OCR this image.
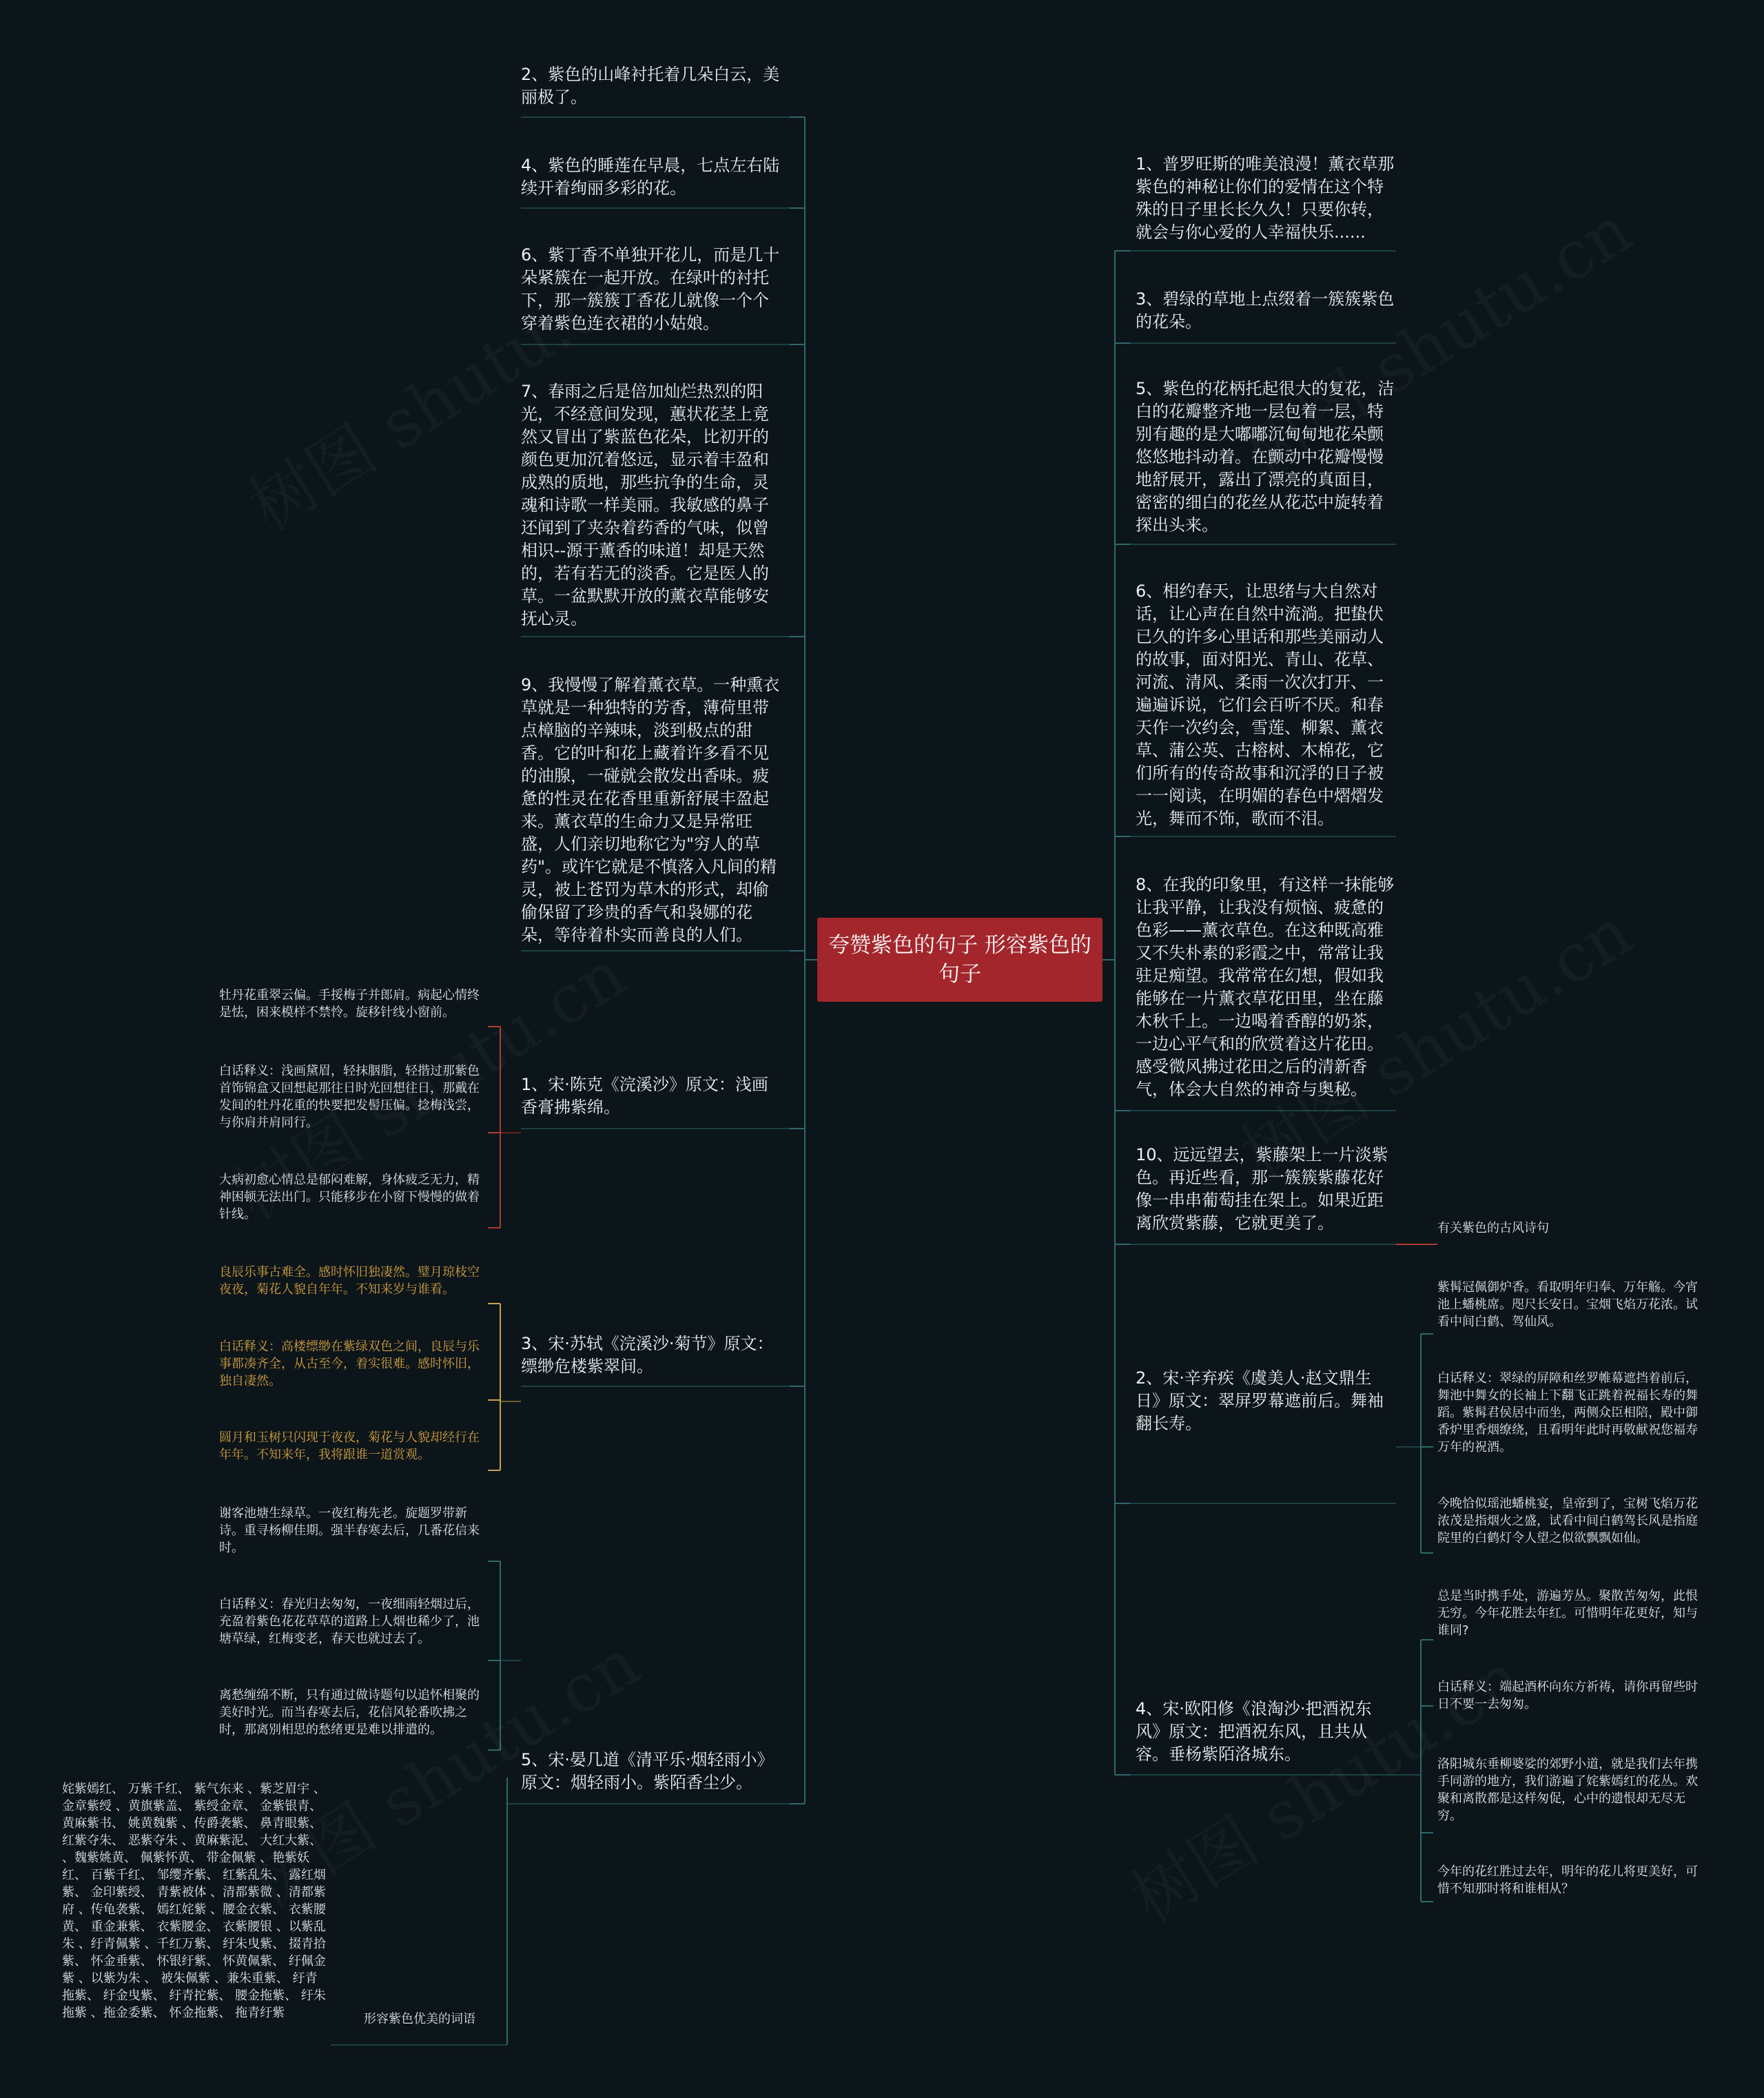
夸赞紫色的句子 形容紫色的句子
2、紫色的山峰衬托着几朵白云，美丽极了。
4、紫色的睡莲在早晨，七点左右陆续开着绚丽多彩的花。
6、紫丁香不单独开花儿，而是几十朵紧簇在一起开放。在绿叶的衬托下，那一簇簇丁香花儿就像一个个穿着紫色连衣裙的小姑娘。
7、春雨之后是倍加灿烂热烈的阳光，不经意间发现，蕙状花茎上竟然又冒出了紫蓝色花朵，比初开的颜色更加沉着悠远，显示着丰盈和成熟的质地，那些抗争的生命，灵魂和诗歌一样美丽。我敏感的鼻子还闻到了夹杂着药香的气味，似曾相识--源于薰香的味道！却是天然的，若有若无的淡香。它是医人的草。一盆默默开放的薰衣草能够安抚心灵。
9、我慢慢了解着薰衣草。一种熏衣草就是一种独特的芳香，薄荷里带点樟脑的辛辣味，淡到极点的甜香。它的叶和花上藏着许多看不见的油腺，一碰就会散发出香味。疲惫的性灵在花香里重新舒展丰盈起来。薰衣草的生命力又是异常旺盛，人们亲切地称它为"穷人的草药"。或许它就是不慎落入凡间的精灵，被上苍罚为草木的形式，却偷偷保留了珍贵的香气和袅娜的花朵，等待着朴实而善良的人们。
1、宋·陈克《浣溪沙》原文：浅画香膏拂紫绵。
3、宋·苏轼《浣溪沙·菊节》原文：缥缈危楼紫翠间。
5、宋·晏几道《清平乐·烟轻雨小》原文：烟轻雨小。紫陌香尘少。
形容紫色优美的词语
牡丹花重翠云偏。手挼梅子并郎肩。病起心情终是怯，困来模样不禁怜。旋移针线小窗前。
白话释义：浅画黛眉，轻抹胭脂，轻揩过那紫色首饰锦盒又回想起那往日时光回想往日，那戴在发间的牡丹花重的快要把发髻压偏。捻梅浅尝，与你肩并肩同行。
大病初愈心情总是郁闷难解，身体疲乏无力，精神困顿无法出门。只能移步在小窗下慢慢的做着针线。
良辰乐事古难全。感时怀旧独凄然。璧月琼枝空夜夜，菊花人貌自年年。不知来岁与谁看。
白话释义：高楼缥缈在紫绿双色之间，良辰与乐事都凑齐全，从古至今，着实很难。感时怀旧，独自凄然。
圆月和玉树只闪现于夜夜，菊花与人貌却经行在年年。不知来年，我将跟谁一道赏观。
谢客池塘生绿草。一夜红梅先老。旋题罗带新诗。重寻杨柳佳期。强半春寒去后，几番花信来时。
白话释义：春光归去匆匆，一夜细雨轻烟过后，充盈着紫色花花草草的道路上人烟也稀少了，池塘草绿，红梅变老，春天也就过去了。
离愁缠绵不断，只有通过做诗题句以追怀相聚的美好时光。而当春寒去后，花信风轮番吹拂之时，那离别相思的愁绪更是难以排遣的。
姹紫嫣红、 万紫千红、 紫气东来 、紫芝眉宇 、金章紫绶 、黄旗紫盖、 紫绶金章、 金紫银青、 黄麻紫书、 姚黄魏紫 、传爵袭紫、 鼻青眼紫、 红紫夺朱、 恶紫夺朱 、黄麻紫泥、 大红大紫、 、魏紫姚黄、 佩紫怀黄、 带金佩紫 、艳紫妖红、 百紫千红、 邹缨齐紫、 红紫乱朱、 露红烟紫、 金印紫绶、 青紫被体 、清都紫微 、清都紫府 、传龟袭紫、 嫣红姹紫 、腰金衣紫、 衣紫腰黄、 重金兼紫、 衣紫腰金、 衣紫腰银 、以紫乱朱 、纡青佩紫 、千红万紫、 纡朱曳紫、 掇青拾紫、 怀金垂紫、 怀银纡紫、 怀黄佩紫、 纡佩金紫 、以紫为朱 、 被朱佩紫 、兼朱重紫、 纡青拖紫、 纡金曳紫、 纡青拕紫、 腰金拖紫、 纡朱拖紫 、拖金委紫、 怀金拖紫、 拖青纡紫
1、普罗旺斯的唯美浪漫！薰衣草那紫色的神秘让你们的爱情在这个特殊的日子里长长久久！只要你转，就会与你心爱的人幸福快乐......
3、碧绿的草地上点缀着一簇簇紫色的花朵。
5、紫色的花柄托起很大的复花，洁白的花瓣整齐地一层包着一层，特别有趣的是大嘟嘟沉甸甸地花朵颤悠悠地抖动着。在颤动中花瓣慢慢地舒展开，露出了漂亮的真面目，密密的细白的花丝从花芯中旋转着探出头来。
6、相约春天，让思绪与大自然对话，让心声在自然中流淌。把蛰伏已久的许多心里话和那些美丽动人的故事，面对阳光、青山、花草、河流、清风、柔雨一次次打开、一遍遍诉说，它们会百听不厌。和春天作一次约会，雪莲、柳絮、薰衣草、蒲公英、古榕树、木棉花，它们所有的传奇故事和沉浮的日子被一一阅读，在明媚的春色中熠熠发光，舞而不饰，歌而不泪。
8、在我的印象里，有这样一抹能够让我平静，让我没有烦恼、疲惫的色彩——薰衣草色。在这种既高雅又不失朴素的彩霞之中，常常让我驻足痴望。我常常在幻想，假如我能够在一片薰衣草花田里，坐在藤木秋千上。一边喝着香醇的奶茶，一边心平气和的欣赏着这片花田。感受微风拂过花田之后的清新香气，体会大自然的神奇与奥秘。
10、远远望去，紫藤架上一片淡紫色。再近些看，那一簇簇紫藤花好像一串串葡萄挂在架上。如果近距离欣赏紫藤，它就更美了。	有关紫色的古风诗句
2、宋·辛弃疾《虞美人·赵文鼎生日》原文：翠屏罗幕遮前后。舞袖翻长寿。
4、宋·欧阳修《浪淘沙·把酒祝东风》原文：把酒祝东风，且共从容。垂杨紫陌洛城东。
紫髯冠佩御炉香。看取明年归奉、万年觞。今宵池上蟠桃席。咫尺长安日。宝烟飞焰万花浓。试看中间白鹤、驾仙风。
白话释义：翠绿的屏障和丝罗帷幕遮挡着前后，舞池中舞女的长袖上下翻飞正跳着祝福长寿的舞蹈。紫髯君侯居中而坐，两侧众臣相陪，殿中御香炉里香烟缭绕，且看明年此时再敬献祝您福寿万年的祝酒。
今晚恰似瑶池蟠桃宴，皇帝到了，宝树飞焰万花浓茂是指烟火之盛，试看中间白鹤驾长风是指庭院里的白鹤灯令人望之似欲飘飘如仙。
总是当时携手处，游遍芳丛。聚散苦匆匆，此恨无穷。今年花胜去年红。可惜明年花更好，知与谁同?
白话释义：端起酒杯向东方祈祷，请你再留些时日不要一去匆匆。
洛阳城东垂柳婆娑的郊野小道，就是我们去年携手同游的地方，我们游遍了姹紫嫣红的花丛。欢聚和离散都是这样匆促，心中的遗恨却无尽无穷。
今年的花红胜过去年，明年的花儿将更美好，可惜不知那时将和谁相从？
